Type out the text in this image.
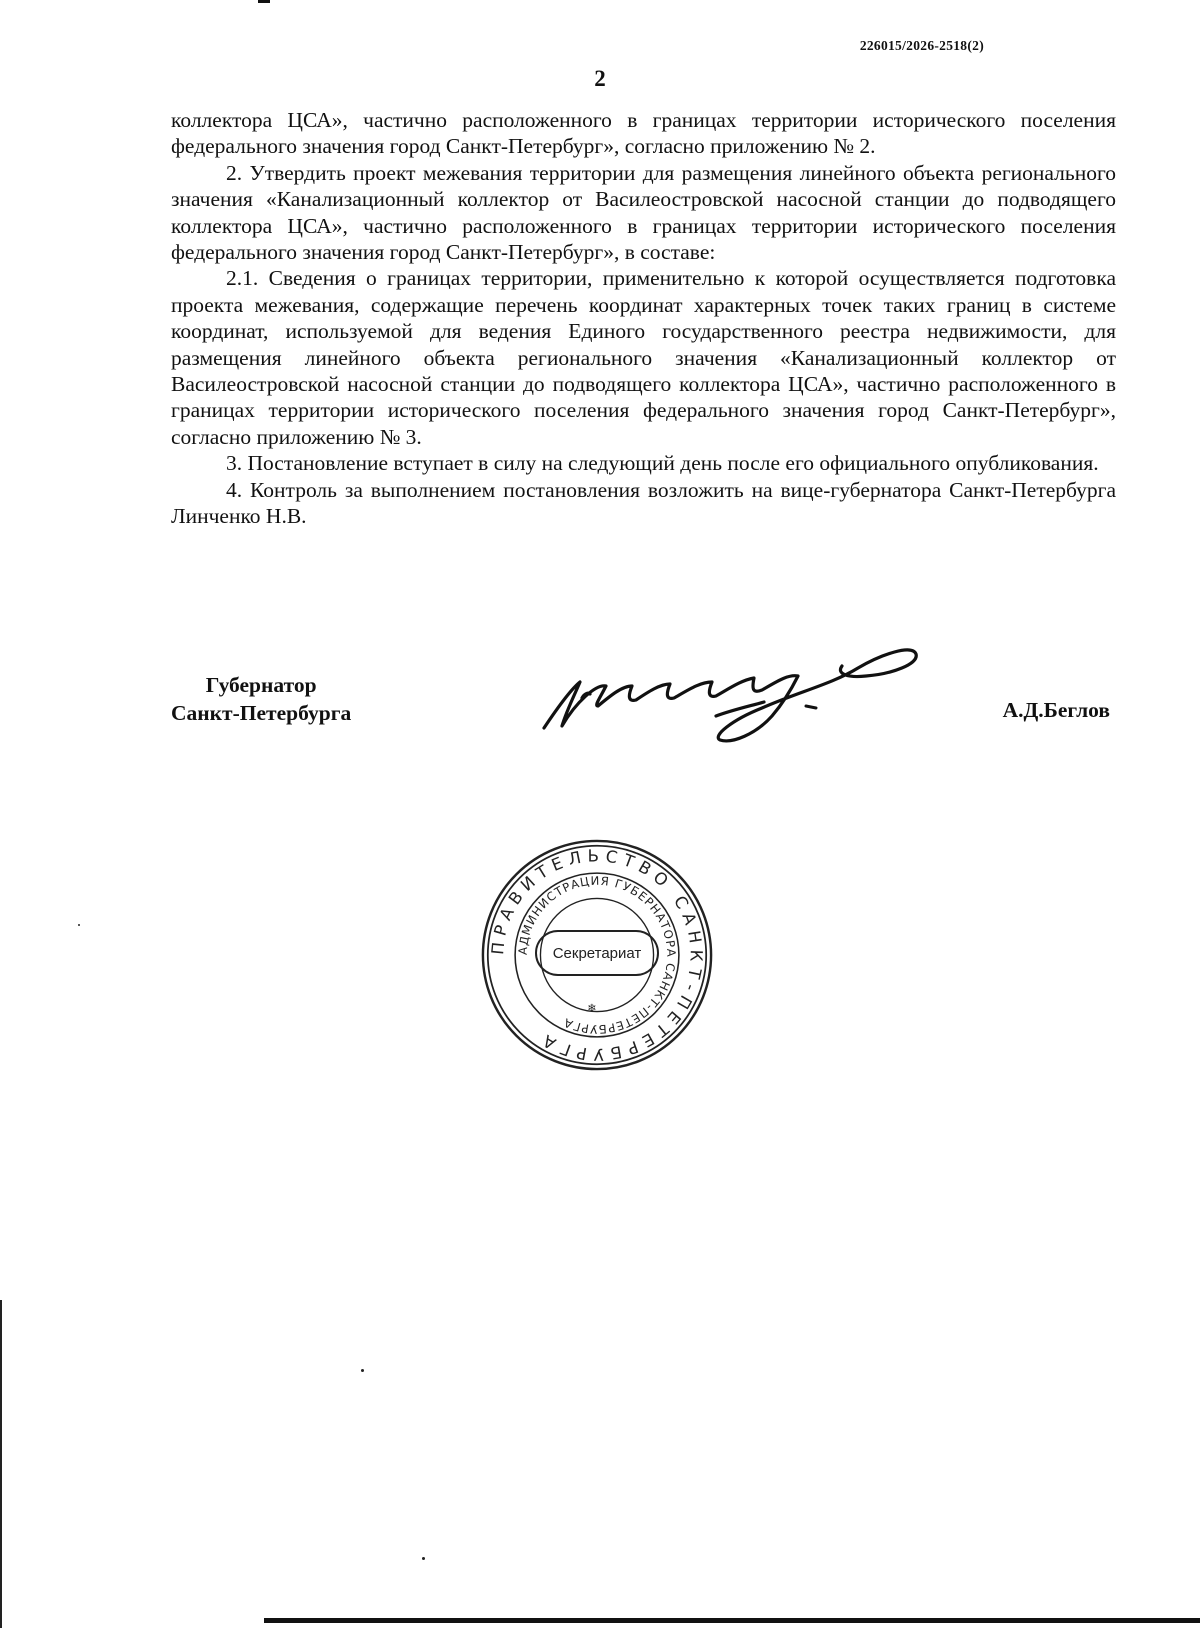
226015/2026-2518(2)
2

коллектора ЦСА», частично расположенного в границах территории исторического поселения федерального значения город Санкт-Петербург», согласно приложению № 2.

2. Утвердить проект межевания территории для размещения линейного объекта регионального значения «Канализационный коллектор от Василеостровской насосной станции до подводящего коллектора ЦСА», частично расположенного в границах территории исторического поселения федерального значения город Санкт-Петербург», в составе:

2.1. Сведения о границах территории, применительно к которой осуществляется подготовка проекта межевания, содержащие перечень координат характерных точек таких границ в системе координат, используемой для ведения Единого государственного реестра недвижимости, для размещения линейного объекта регионального значения «Канализационный коллектор от Василеостровской насосной станции до подводящего коллектора ЦСА», частично расположенного в границах территории исторического поселения федерального значения город Санкт-Петербург», согласно приложению № 3.

3. Постановление вступает в силу на следующий день после его официального опубликования.

4. Контроль за выполнением постановления возложить на вице-губернатора Санкт-Петербурга Линченко Н.В.

Губернатор
Санкт-Петербурга	А.Д.Беглов
ПРАВИТЕЛЬСТВО САНКТ-ПЕТЕРБУРГА
АДМИНИСТРАЦИЯ ГУБЕРНАТОРА САНКТ-ПЕТЕРБУРГА
❄
Секретариат
